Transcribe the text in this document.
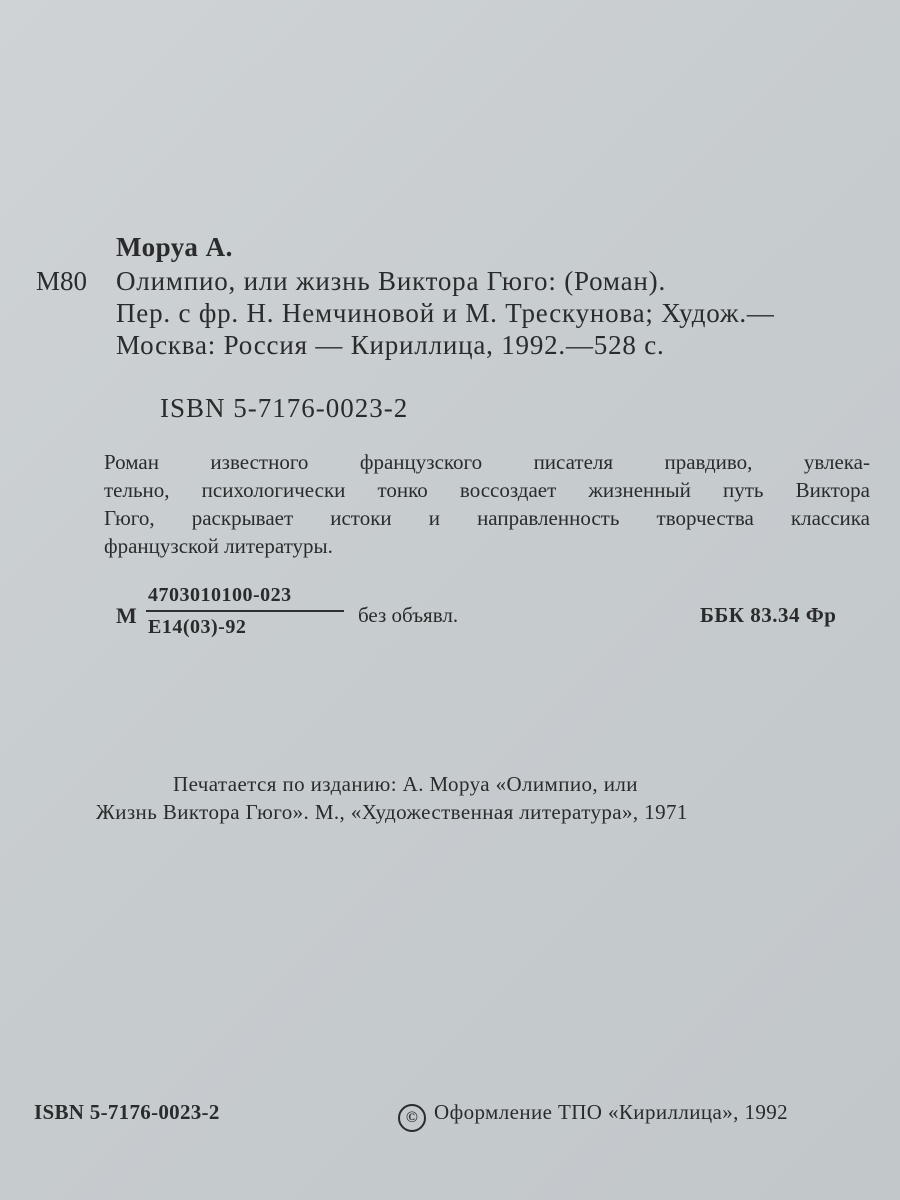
Моруа А.
М80 Олимпио, или жизнь Виктора Гюго: (Роман).
Пер. с фр. Н. Немчиновой и М. Трескунова; Худож.—
Москва: Россия — Кириллица, 1992.—528 с.
ISBN 5-7176-0023-2
Роман известного французского писателя правдиво, увлека-
тельно, психологически тонко воссоздает жизненный путь Виктора
Гюго, раскрывает истоки и направленность творчества классика
французской литературы.
М
4703010100-023
Е14(03)-92	без объявл.	ББК 83.34 Фр
Печатается по изданию: А. Моруа «Олимпио, или
Жизнь Виктора Гюго». М., «Художественная литература», 1971
ISBN 5-7176-0023-2	© Оформление ТПО «Кириллица», 1992
